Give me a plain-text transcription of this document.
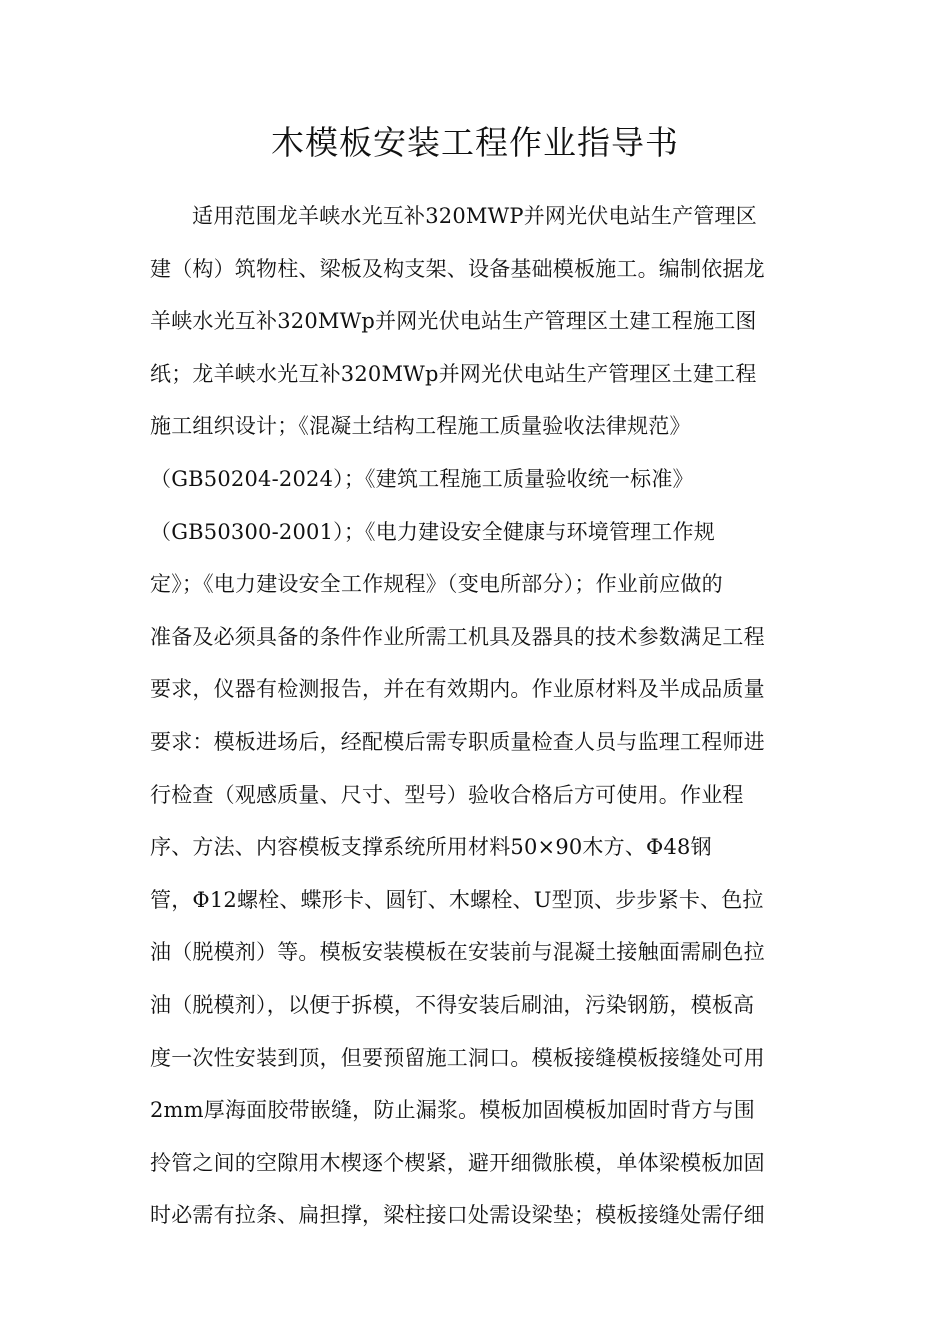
木模板安装工程作业指导书
适用范围龙羊峡水光互补320MWP并网光伏电站生产管理区
建（构）筑物柱、梁板及构支架、设备基础模板施工。编制依据龙
羊峡水光互补320MWp并网光伏电站生产管理区土建工程施工图
纸；龙羊峡水光互补320MWp并网光伏电站生产管理区土建工程
施工组织设计；《混凝土结构工程施工质量验收法律规范》
（GB50204-2024）；《建筑工程施工质量验收统一标准》
（GB50300-2001）；《电力建设安全健康与环境管理工作规
定》；《电力建设安全工作规程》（变电所部分）；作业前应做的
准备及必须具备的条件作业所需工机具及器具的技术参数满足工程
要求，仪器有检测报告，并在有效期内。作业原材料及半成品质量
要求：模板进场后，经配模后需专职质量检查人员与监理工程师进
行检查（观感质量、尺寸、型号）验收合格后方可使用。作业程
序、方法、内容模板支撑系统所用材料50×90木方、Φ48钢
管，Φ12螺栓、蝶形卡、圆钉、木螺栓、U型顶、步步紧卡、色拉
油（脱模剂）等。模板安装模板在安装前与混凝土接触面需刷色拉
油（脱模剂），以便于拆模，不得安装后刷油，污染钢筋，模板高
度一次性安装到顶，但要预留施工洞口。模板接缝模板接缝处可用
2mm厚海面胶带嵌缝，防止漏浆。模板加固模板加固时背方与围
拎管之间的空隙用木楔逐个楔紧，避开细微胀模，单体梁模板加固
时必需有拉条、扁担撑，梁柱接口处需设梁垫；模板接缝处需仔细
